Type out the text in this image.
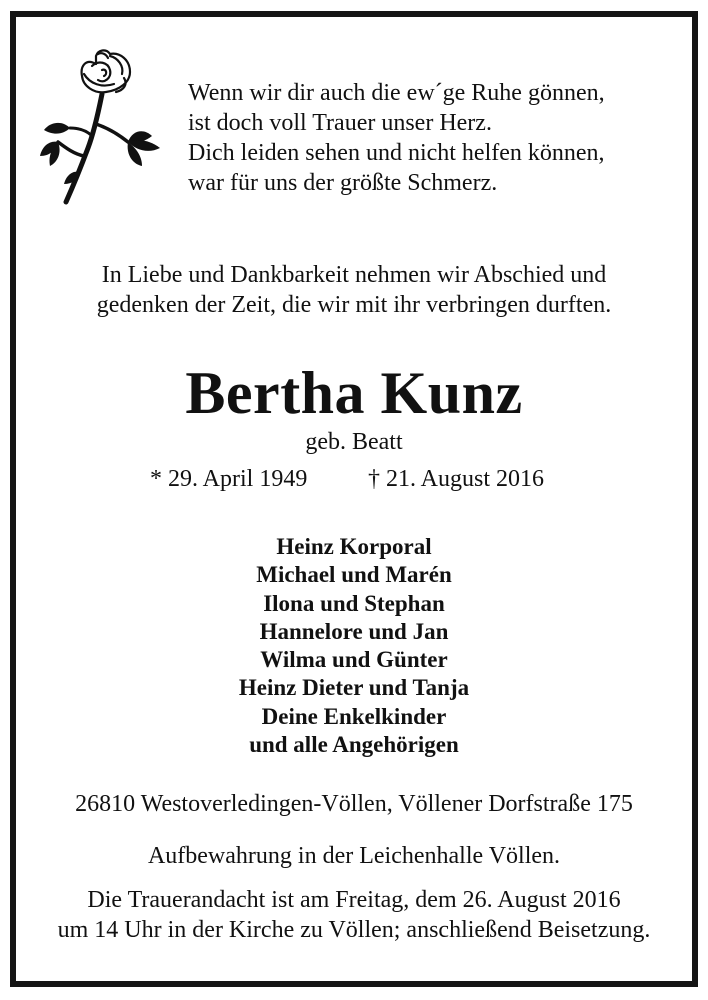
Wenn wir dir auch die ew´ge Ruhe gönnen,
ist doch voll Trauer unser Herz.
Dich leiden sehen und nicht helfen können,
war für uns der größte Schmerz.
In Liebe und Dankbarkeit nehmen wir Abschied und
gedenken der Zeit, die wir mit ihr verbringen durften.
Bertha Kunz
geb. Beatt
* 29. April 1949	† 21. August 2016
Heinz Korporal
Michael und Marén
Ilona und Stephan
Hannelore und Jan
Wilma und Günter
Heinz Dieter und Tanja
Deine Enkelkinder
und alle Angehörigen
26810 Westoverledingen-Völlen, Völlener Dorfstraße 175
Aufbewahrung in der Leichenhalle Völlen.
Die Trauerandacht ist am Freitag, dem 26. August 2016
um 14 Uhr in der Kirche zu Völlen; anschließend Beisetzung.
